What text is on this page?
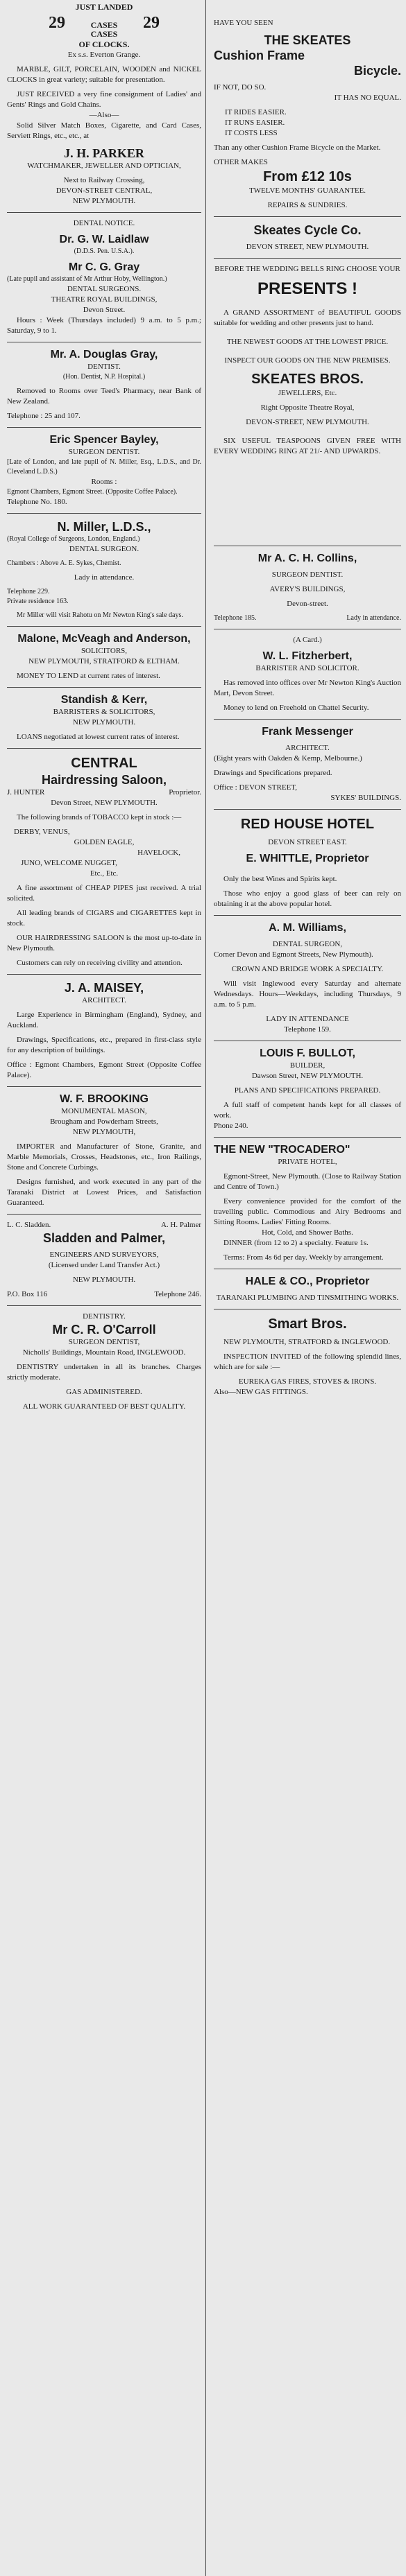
JUST LANDED

29	CASES
CASES
29

OF CLOCKS.

Ex s.s. Everton Grange.

MARBLE, GILT, PORCELAIN, WOODEN and NICKEL CLOCKS in great variety; suitable for presentation.

JUST RECEIVED a very fine consignment of Ladies' and Gents' Rings and Gold Chains.

—Also—

Solid Silver Match Boxes, Cigarette, and Card Cases, Serviett Rings, etc., etc., at

J. H. PARKER

WATCHMAKER, JEWELLER AND OPTICIAN,

Next to Railway Crossing,

DEVON-STREET CENTRAL,

NEW PLYMOUTH.

DENTAL NOTICE.

Dr. G. W. Laidlaw

(D.D.S. Pen. U.S.A.).

Mr C. G. Gray

(Late pupil and assistant of Mr Arthur Hoby, Wellington.)

DENTAL SURGEONS.

THEATRE ROYAL BUILDINGS,

Devon Street.

Hours : Week (Thursdays included) 9 a.m. to 5 p.m.; Saturday, 9 to 1.

Mr. A. Douglas Gray,

DENTIST.

(Hon. Dentist, N.P. Hospital.)

Removed to Rooms over Teed's Pharmacy, near Bank of New Zealand.

Telephone : 25 and 107.

Eric Spencer Bayley,

SURGEON DENTIST.

[Late of London, and late pupil of N. Miller, Esq., L.D.S., and Dr. Cleveland L.D.S.)

Rooms :

Egmont Chambers, Egmont Street. (Opposite Coffee Palace).

Telephone No. 180.

N. Miller, L.D.S.,

(Royal College of Surgeons, London, England.)

DENTAL SURGEON.

Chambers : Above A. E. Sykes, Chemist.

Lady in attendance.

Telephone 229.

Private residence 163.

Mr Miller will visit Rahotu on Mr Newton King's sale days.

Malone, McVeagh and Anderson,

SOLICITORS,

NEW PLYMOUTH, STRATFORD & ELTHAM.

MONEY TO LEND at current rates of interest.

Standish & Kerr,

BARRISTERS & SOLICITORS,

NEW PLYMOUTH.

LOANS negotiated at lowest current rates of interest.

CENTRAL

Hairdressing Saloon,

J. HUNTER	Proprietor.

Devon Street, NEW PLYMOUTH.

The following brands of TOBACCO kept in stock :—

DERBY, VENUS,

GOLDEN EAGLE,

HAVELOCK,

JUNO, WELCOME NUGGET,

Etc., Etc.

A fine assortment of CHEAP PIPES just received. A trial solicited.

All leading brands of CIGARS and CIGARETTES kept in stock.

OUR HAIRDRESSING SALOON is the most up-to-date in New Plymouth.

Customers can rely on receiving civility and attention.

J. A. MAISEY,

ARCHITECT.

Large Experience in Birmingham (England), Sydney, and Auckland.

Drawings, Specifications, etc., prepared in first-class style for any description of buildings.

Office : Egmont Chambers, Egmont Street (Opposite Coffee Palace).

W. F. BROOKING

MONUMENTAL MASON,

Brougham and Powderham Streets,

NEW PLYMOUTH,

IMPORTER and Manufacturer of Stone, Granite, and Marble Memorials, Crosses, Headstones, etc., Iron Railings, Stone and Concrete Curbings.

Designs furnished, and work executed in any part of the Taranaki District at Lowest Prices, and Satisfaction Guaranteed.

L. C. Sladden.	A. H. Palmer

Sladden and Palmer,

ENGINEERS AND SURVEYORS,

(Licensed under Land Transfer Act.)

NEW PLYMOUTH.

P.O. Box 116	Telephone 246.

DENTISTRY.

Mr C. R. O'Carroll

SURGEON DENTIST,

Nicholls' Buildings, Mountain Road, INGLEWOOD.

DENTISTRY undertaken in all its branches. Charges strictly moderate.

GAS ADMINISTERED.

ALL WORK GUARANTEED OF BEST QUALITY.

HAVE YOU SEEN

THE SKEATES

Cushion Frame

Bicycle.

IF NOT, DO SO.

IT HAS NO EQUAL.

IT RIDES EASIER.

IT RUNS EASIER.

IT COSTS LESS

Than any other Cushion Frame Bicycle on the Market.

OTHER MAKES

From £12 10s

TWELVE MONTHS' GUARANTEE.

REPAIRS & SUNDRIES.

Skeates Cycle Co.

DEVON STREET, NEW PLYMOUTH.

BEFORE THE WEDDING BELLS RING CHOOSE YOUR

PRESENTS !

A GRAND ASSORTMENT of BEAUTIFUL GOODS suitable for wedding and other presents just to hand.

THE NEWEST GOODS AT THE LOWEST PRICE.

INSPECT OUR GOODS ON THE NEW PREMISES.

SKEATES BROS.

JEWELLERS, Etc.

Right Opposite Theatre Royal,

DEVON-STREET, NEW PLYMOUTH.

SIX USEFUL TEASPOONS GIVEN FREE WITH EVERY WEDDING RING AT 21/- AND UPWARDS.

Mr A. C. H. Collins,

SURGEON DENTIST.

AVERY'S BUILDINGS,

Devon-street.

Telephone 185.	Lady in attendance.

(A Card.)

W. L. Fitzherbert,

BARRISTER AND SOLICITOR.

Has removed into offices over Mr Newton King's Auction Mart, Devon Street.

Money to lend on Freehold on Chattel Security.

Frank Messenger

ARCHITECT.

(Eight years with Oakden & Kemp, Melbourne.)

Drawings and Specifications prepared.

Office : DEVON STREET,

SYKES' BUILDINGS.

RED HOUSE HOTEL

DEVON STREET EAST.

E. WHITTLE, Proprietor

Only the best Wines and Spirits kept.

Those who enjoy a good glass of beer can rely on obtaining it at the above popular hotel.

A. M. Williams,

DENTAL SURGEON,

Corner Devon and Egmont Streets, New Plymouth).

CROWN AND BRIDGE WORK A SPECIALTY.

Will visit Inglewood every Saturday and alternate Wednesdays. Hours—Weekdays, including Thursdays, 9 a.m. to 5 p.m.

LADY IN ATTENDANCE

Telephone 159.

LOUIS F. BULLOT,

BUILDER,

Dawson Street, NEW PLYMOUTH.

PLANS AND SPECIFICATIONS PREPARED.

A full staff of competent hands kept for all classes of work.

Phone 240.

THE NEW "TROCADERO"

PRIVATE HOTEL,

Egmont-Street, New Plymouth. (Close to Railway Station and Centre of Town.)

Every convenience provided for the comfort of the travelling public. Commodious and Airy Bedrooms and Sitting Rooms. Ladies' Fitting Rooms.

Hot, Cold, and Shower Baths.

DINNER (from 12 to 2) a specialty. Feature 1s.

Terms: From 4s 6d per day. Weekly by arrangement.

HALE & CO., Proprietor

TARANAKI PLUMBING AND TINSMITHING WORKS.

Smart Bros.

NEW PLYMOUTH, STRATFORD & INGLEWOOD.

INSPECTION INVITED of the following splendid lines, which are for sale :—

EUREKA GAS FIRES, STOVES & IRONS.

Also—NEW GAS FITTINGS.
